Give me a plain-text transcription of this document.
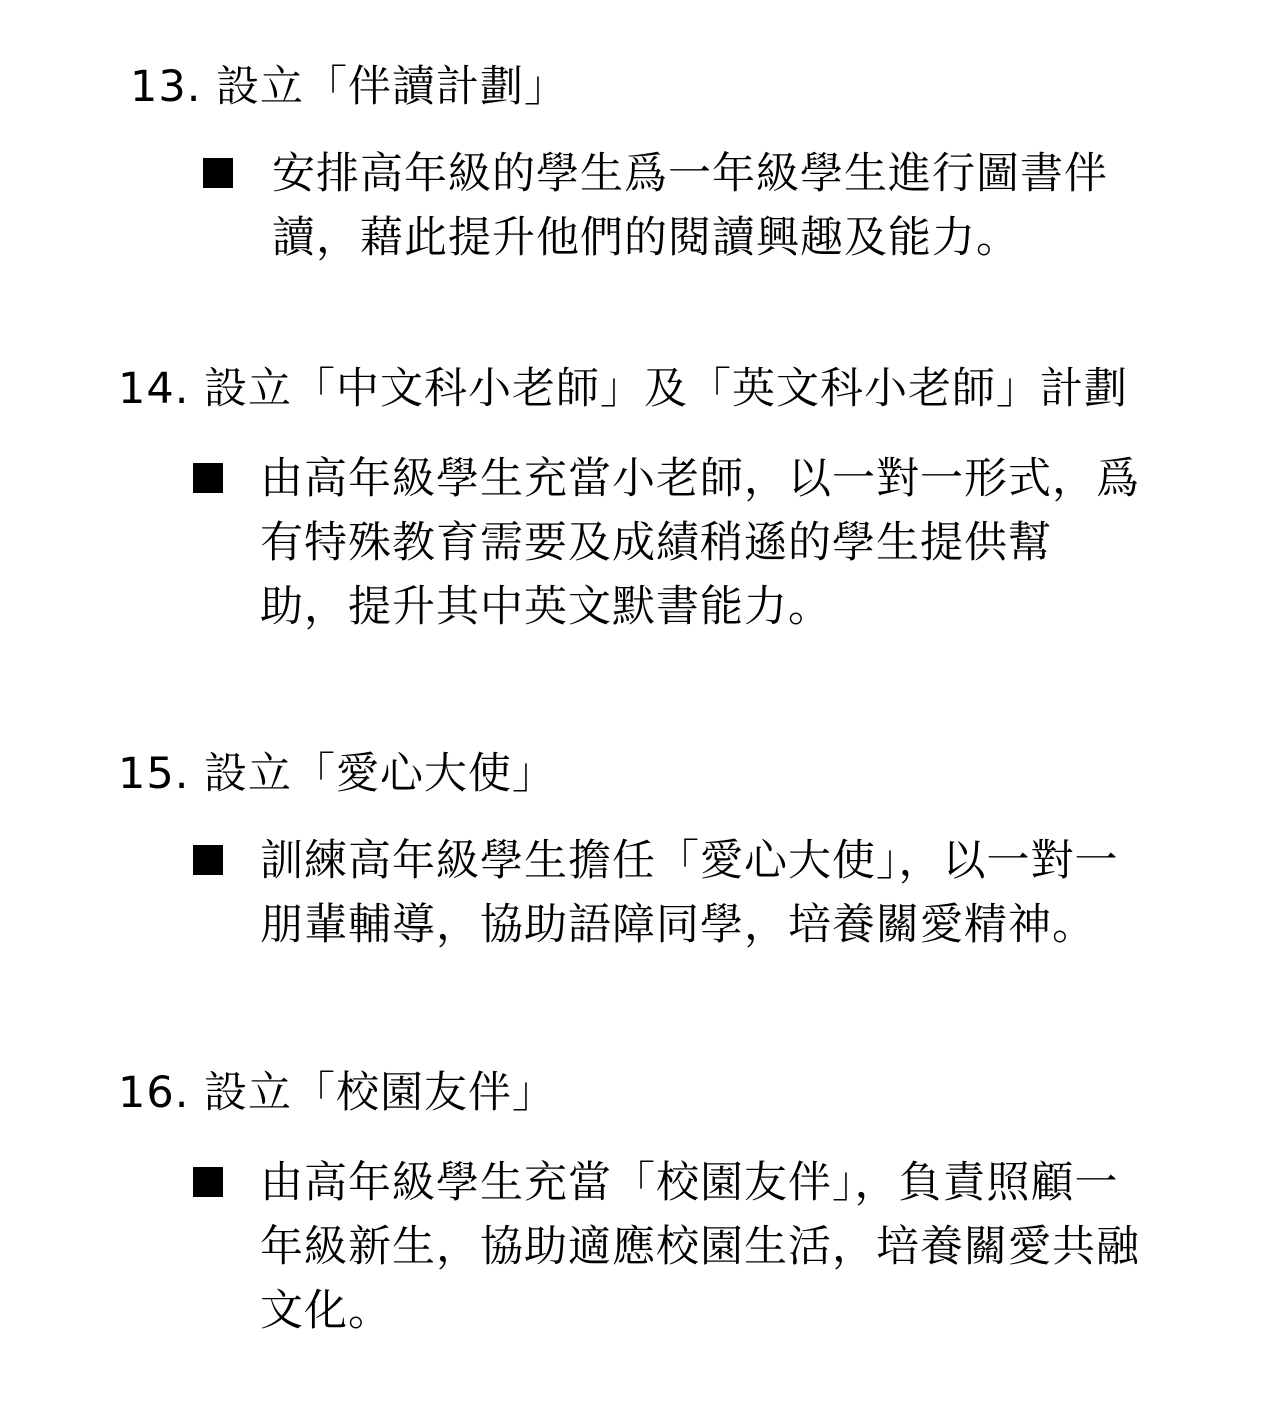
13. 設立「伴讀計劃」
安排高年級的學生爲一年級學生進行圖書伴
讀，藉此提升他們的閱讀興趣及能力。
14. 設立「中文科小老師」及「英文科小老師」計劃
由高年級學生充當小老師，以一對一形式，爲
有特殊教育需要及成績稍遜的學生提供幫
助，提升其中英文默書能力。
15. 設立「愛心大使」
訓練高年級學生擔任「愛心大使」，以一對一
朋輩輔導，協助語障同學，培養關愛精神。
16. 設立「校園友伴」
由高年級學生充當「校園友伴」，負責照顧一
年級新生，協助適應校園生活，培養關愛共融
文化。
